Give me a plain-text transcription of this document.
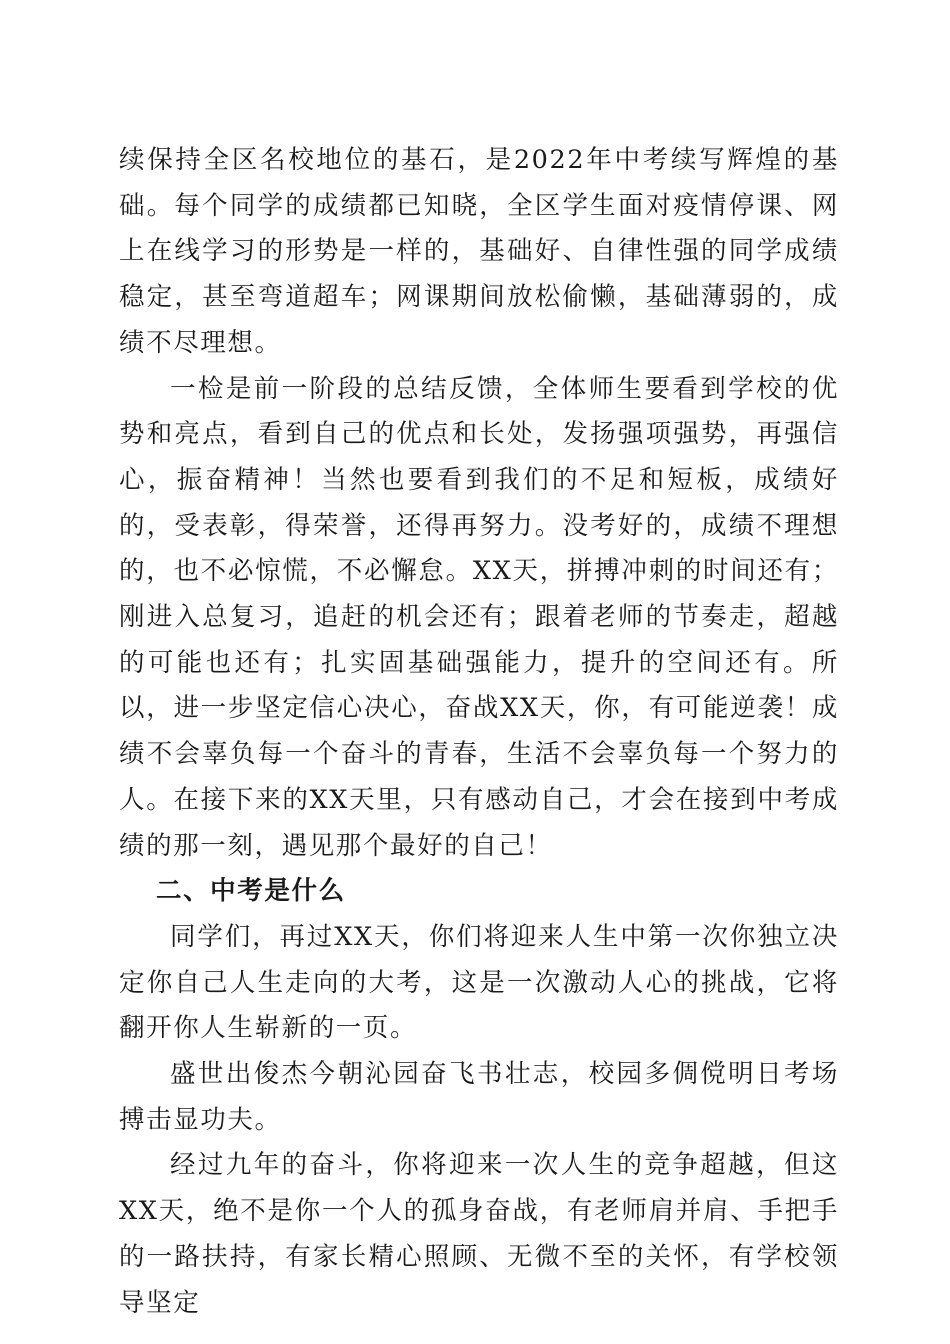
续保持全区名校地位的基石，是2022年中考续写辉煌的基础。每个同学的成绩都已知晓，全区学生面对疫情停课、网上在线学习的形势是一样的，基础好、自律性强的同学成绩稳定，甚至弯道超车；网课期间放松偷懒，基础薄弱的，成绩不尽理想。

一检是前一阶段的总结反馈，全体师生要看到学校的优势和亮点，看到自己的优点和长处，发扬强项强势，再强信心，振奋精神！当然也要看到我们的不足和短板，成绩好的，受表彰，得荣誉，还得再努力。没考好的，成绩不理想的，也不必惊慌，不必懈怠。XX天，拼搏冲刺的时间还有；刚进入总复习，追赶的机会还有；跟着老师的节奏走，超越的可能也还有；扎实固基础强能力，提升的空间还有。所以，进一步坚定信心决心，奋战XX天，你，有可能逆袭！成绩不会辜负每一个奋斗的青春，生活不会辜负每一个努力的人。在接下来的XX天里，只有感动自己，才会在接到中考成绩的那一刻，遇见那个最好的自己！

二、中考是什么

同学们，再过XX天，你们将迎来人生中第一次你独立决定你自己人生走向的大考，这是一次激动人心的挑战，它将翻开你人生崭新的一页。

盛世出俊杰今朝沁园奋飞书壮志，校园多倜傥明日考场搏击显功夫。

经过九年的奋斗，你将迎来一次人生的竞争超越，但这XX天，绝不是你一个人的孤身奋战，有老师肩并肩、手把手的一路扶持，有家长精心照顾、无微不至的关怀，有学校领导坚定
